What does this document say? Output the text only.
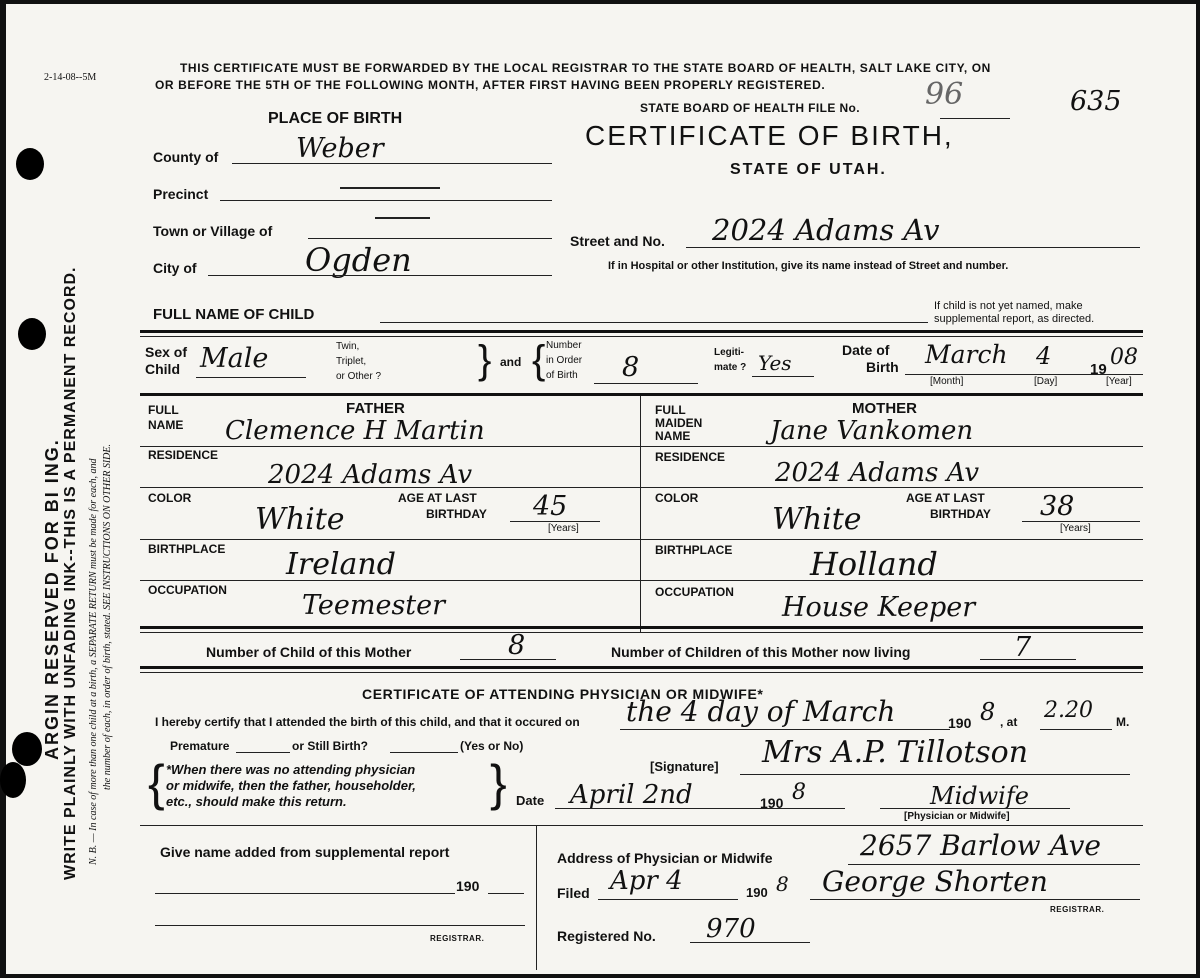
WRITE PLAINLY WITH UNFADING INK--THIS IS A PERMANENT RECORD.
ARGIN RESERVED FOR BI ING.	N. B. — In case of more than one child at a birth, a SEPARATE RETURN must be made for each, and the number of each, in order of birth, stated. SEE INSTRUCTIONS ON OTHER SIDE.
2-14-08--5M
THIS CERTIFICATE MUST BE FORWARDED BY THE LOCAL REGISTRAR TO THE STATE BOARD OF HEALTH, SALT LAKE CITY, ON
OR BEFORE THE 5TH OF THE FOLLOWING MONTH, AFTER FIRST HAVING BEEN PROPERLY REGISTERED.
STATE BOARD OF HEALTH FILE No. 96	635
CERTIFICATE OF BIRTH,
STATE OF UTAH.
PLACE OF BIRTH
County of	Weber
Precinct
Town or Village of
City of	Ogden	Street and No. 2024 Adams Av
If in Hospital or other Institution, give its name instead of Street and number.
FULL NAME OF CHILD	If child is not yet named, make
supplemental report, as directed.
Sex of
Child Male	Twin,
Triplet,
or Other ? } and { Number
in Order
of Birth 8	Legiti-
mate ? Yes
Date of
Birth March 4	19 08
[Month]	[Day]	[Year]
FATHER
FULL
NAME Clemence H Martin
RESIDENCE
2024 Adams Av
COLOR
White
AGE AT LAST
BIRTHDAY 45
[Years]
BIRTHPLACE Ireland
OCCUPATION	Teemester
MOTHER
FULL
MAIDEN
NAME	Jane Vankomen
RESIDENCE
2024 Adams Av
COLOR
White
AGE AT LAST
BIRTHDAY 38
[Years]
BIRTHPLACE Holland
OCCUPATION House Keeper
Number of Child of this Mother	8	Number of Children of this Mother now living	7
CERTIFICATE OF ATTENDING PHYSICIAN OR MIDWIFE*
I hereby certify that I attended the birth of this child, and that it occured on the 4 day of March	190 8 , at 2.20 M.
Premature	or Still Birth?	(Yes or No)
{ *When there was no attending physician
or midwife, then the father, householder,
etc., should make this return.	}	[Signature] Mrs A.P. Tillotson
Date April 2nd	190 8	Midwife
[Physician or Midwife]
Give name added from supplemental report
190
REGISTRAR.
Address of Physician or Midwife	2657 Barlow Ave
Filed Apr 4	190 8 George Shorten
REGISTRAR.
Registered No. 970
